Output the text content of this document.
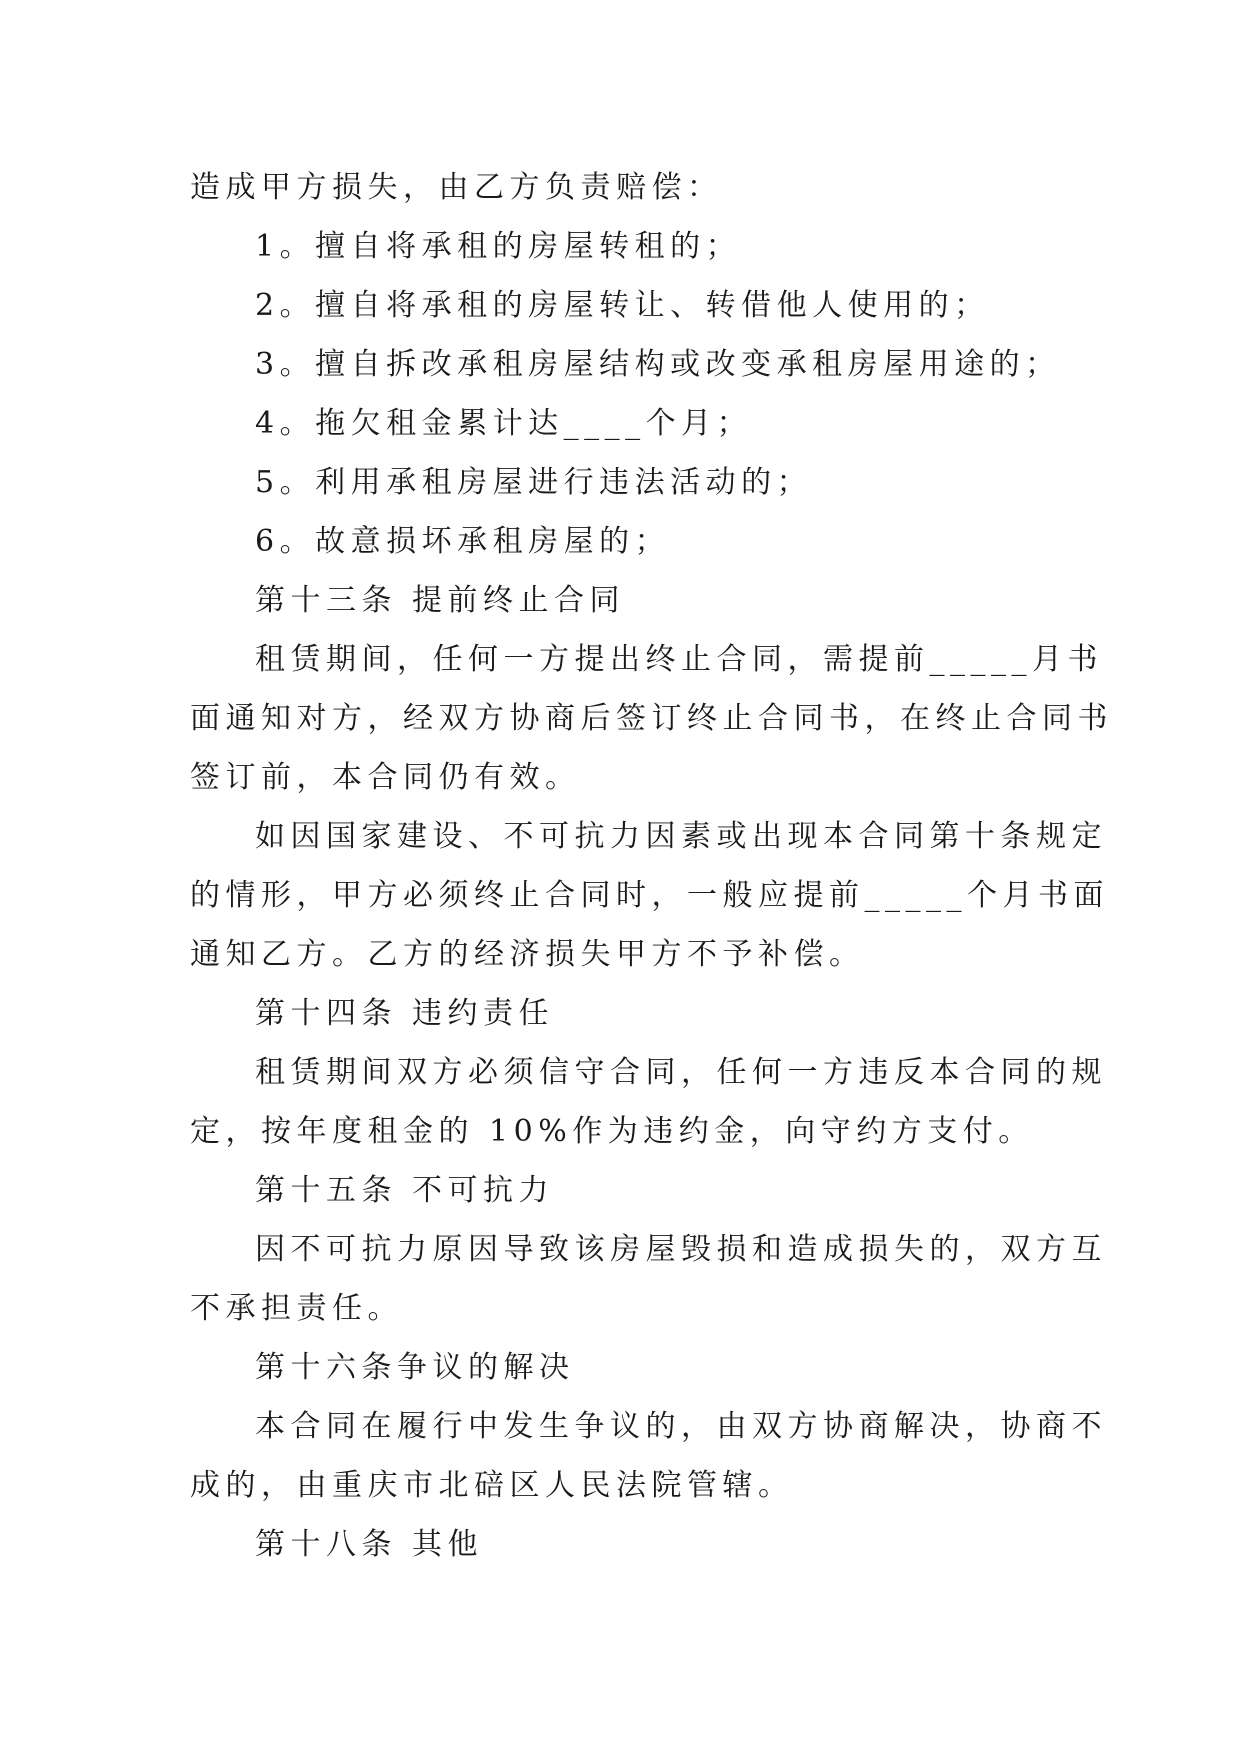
造成甲方损失，由乙方负责赔偿：
1。擅自将承租的房屋转租的；
2。擅自将承租的房屋转让、转借他人使用的；
3。擅自拆改承租房屋结构或改变承租房屋用途的；
4。拖欠租金累计达____个月；
5。利用承租房屋进行违法活动的；
6。故意损坏承租房屋的；
第十三条 提前终止合同
租赁期间，任何一方提出终止合同，需提前_____月书
面通知对方，经双方协商后签订终止合同书，在终止合同书
签订前，本合同仍有效。
如因国家建设、不可抗力因素或出现本合同第十条规定
的情形，甲方必须终止合同时，一般应提前_____个月书面
通知乙方。乙方的经济损失甲方不予补偿。
第十四条 违约责任
租赁期间双方必须信守合同，任何一方违反本合同的规
定，按年度租金的 10%作为违约金，向守约方支付。
第十五条 不可抗力
因不可抗力原因导致该房屋毁损和造成损失的，双方互
不承担责任。
第十六条争议的解决
本合同在履行中发生争议的，由双方协商解决，协商不
成的，由重庆市北碚区人民法院管辖。
第十八条 其他
